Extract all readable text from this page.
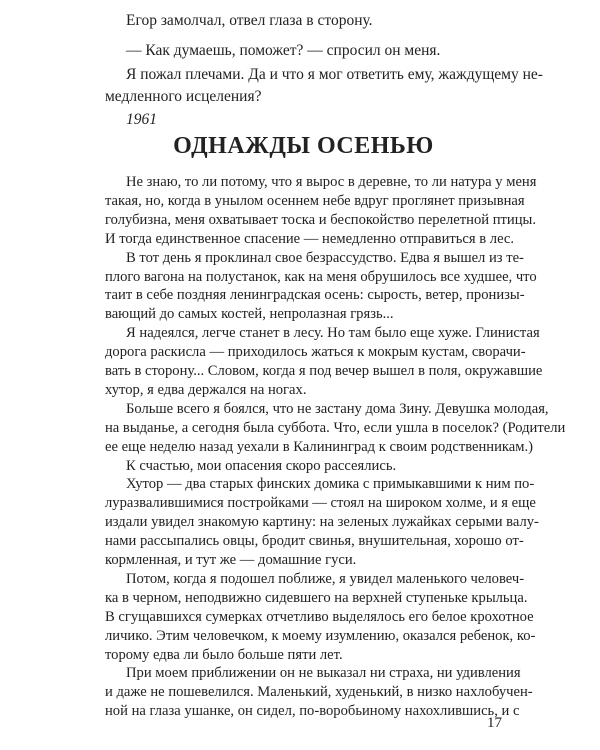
Егор замолчал, отвел глаза в сторону.
— Как думаешь, поможет? — спросил он меня.
Я пожал плечами. Да и что я мог ответить ему, жаждущему не-
медленного исцеления?
1961
ОДНАЖДЫ ОСЕНЬЮ
17
Не знаю, то ли потому, что я вырос в деревне, то ли натура у меня
такая, но, когда в унылом осеннем небе вдруг проглянет призывная
голубизна, меня охватывает тоска и беспокойство перелетной птицы.
И тогда единственное спасение — немедленно отправиться в лес.
В тот день я проклинал свое безрассудство. Едва я вышел из те-
плого вагона на полустанок, как на меня обрушилось все худшее, что
таит в себе поздняя ленинградская осень: сырость, ветер, пронизы-
вающий до самых костей, непролазная грязь...
Я надеялся, легче станет в лесу. Но там было еще хуже. Глинистая
дорога раскисла — приходилось жаться к мокрым кустам, сворачи-
вать в сторону... Словом, когда я под вечер вышел в поля, окружавшие
хутор, я едва держался на ногах.
Больше всего я боялся, что не застану дома Зину. Девушка молодая,
на выданье, а сегодня была суббота. Что, если ушла в поселок? (Родители
ее еще неделю назад уехали в Калининград к своим родственникам.)
К счастью, мои опасения скоро рассеялись.
Хутор — два старых финских домика с примыкавшими к ним по-
луразвалившимися постройками — стоял на широком холме, и я еще
издали увидел знакомую картину: на зеленых лужайках серыми валу-
нами рассыпались овцы, бродит свинья, внушительная, хорошо от-
кормленная, и тут же — домашние гуси.
Потом, когда я подошел поближе, я увидел маленького человеч-
ка в черном, неподвижно сидевшего на верхней ступеньке крыльца.
В сгущавшихся сумерках отчетливо выделялось его белое крохотное
личико. Этим человечком, к моему изумлению, оказался ребенок, ко-
торому едва ли было больше пяти лет.
При моем приближении он не выказал ни страха, ни удивления
и даже не пошевелился. Маленький, худенький, в низко нахлобучен-
ной на глаза ушанке, он сидел, по-воробьиному нахохлившись, и с
